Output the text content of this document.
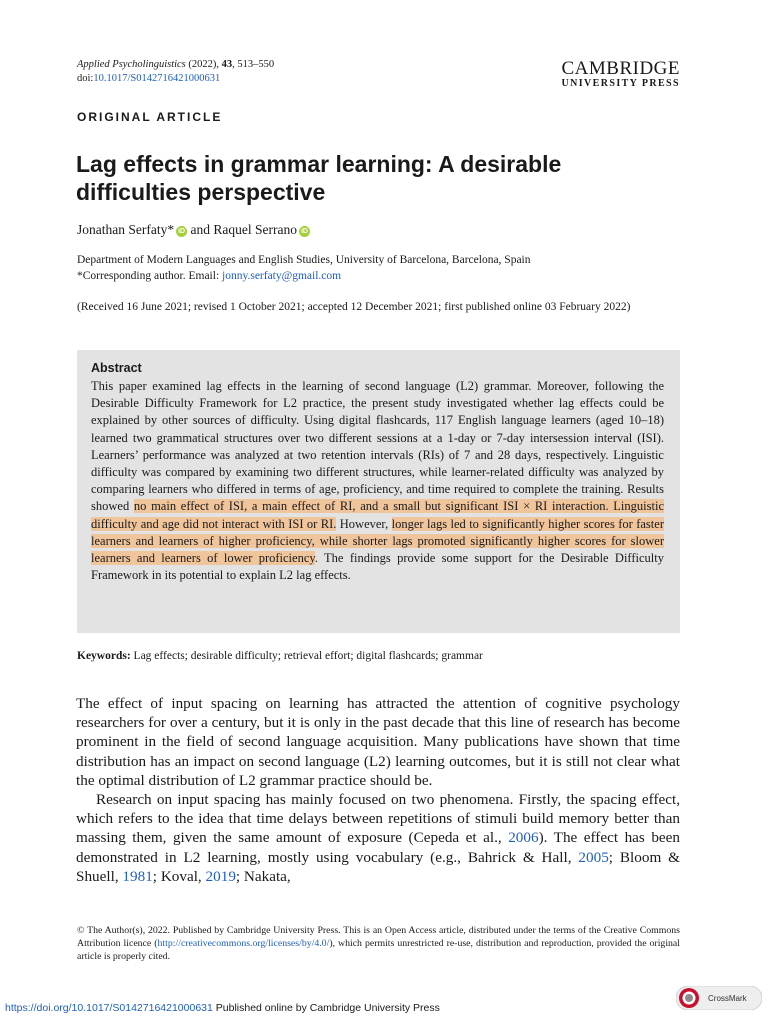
Applied Psycholinguistics (2022), 43, 513–550
doi:10.1017/S0142716421000631	CAMBRIDGE
UNIVERSITY PRESS
ORIGINAL ARTICLE
Lag effects in grammar learning: A desirable difficulties perspective
Jonathan Serfaty* iD and Raquel Serrano iD
Department of Modern Languages and English Studies, University of Barcelona, Barcelona, Spain
*Corresponding author. Email: jonny.serfaty@gmail.com
(Received 16 June 2021; revised 1 October 2021; accepted 12 December 2021; first published online 03 February 2022)
Abstract
This paper examined lag effects in the learning of second language (L2) grammar. Moreover, following the Desirable Difficulty Framework for L2 practice, the present study investigated whether lag effects could be explained by other sources of difficulty. Using digital flashcards, 117 English language learners (aged 10–18) learned two grammatical structures over two different sessions at a 1-day or 7-day intersession interval (ISI). Learners’ performance was analyzed at two retention intervals (RIs) of 7 and 28 days, respectively. Linguistic difficulty was compared by examining two different structures, while learner-related difficulty was analyzed by comparing learners who differed in terms of age, proficiency, and time required to complete the training. Results showed no main effect of ISI, a main effect of RI, and a small but significant ISI × RI interaction. Linguistic difficulty and age did not interact with ISI or RI. However, longer lags led to significantly higher scores for faster learners and learners of higher proficiency, while shorter lags promoted significantly higher scores for slower learners and learners of lower proficiency. The findings provide some support for the Desirable Difficulty Framework in its potential to explain L2 lag effects.
Keywords: Lag effects; desirable difficulty; retrieval effort; digital flashcards; grammar

The effect of input spacing on learning has attracted the attention of cognitive psychology researchers for over a century, but it is only in the past decade that this line of research has become prominent in the field of second language acquisition. Many publications have shown that time distribution has an impact on second language (L2) learning outcomes, but it is still not clear what the optimal distribution of L2 grammar practice should be.

Research on input spacing has mainly focused on two phenomena. Firstly, the spacing effect, which refers to the idea that time delays between repetitions of stimuli build memory better than massing them, given the same amount of exposure (Cepeda et al., 2006). The effect has been demonstrated in L2 learning, mostly using vocabulary (e.g., Bahrick & Hall, 2005; Bloom & Shuell, 1981; Koval, 2019; Nakata,

© The Author(s), 2022. Published by Cambridge University Press. This is an Open Access article, distributed under the terms of the Creative Commons Attribution licence (http://creativecommons.org/licenses/by/4.0/), which permits unrestricted re-use, distribution and reproduction, provided the original article is properly cited.
https://doi.org/10.1017/S0142716421000631 Published online by Cambridge University Press
CrossMark
